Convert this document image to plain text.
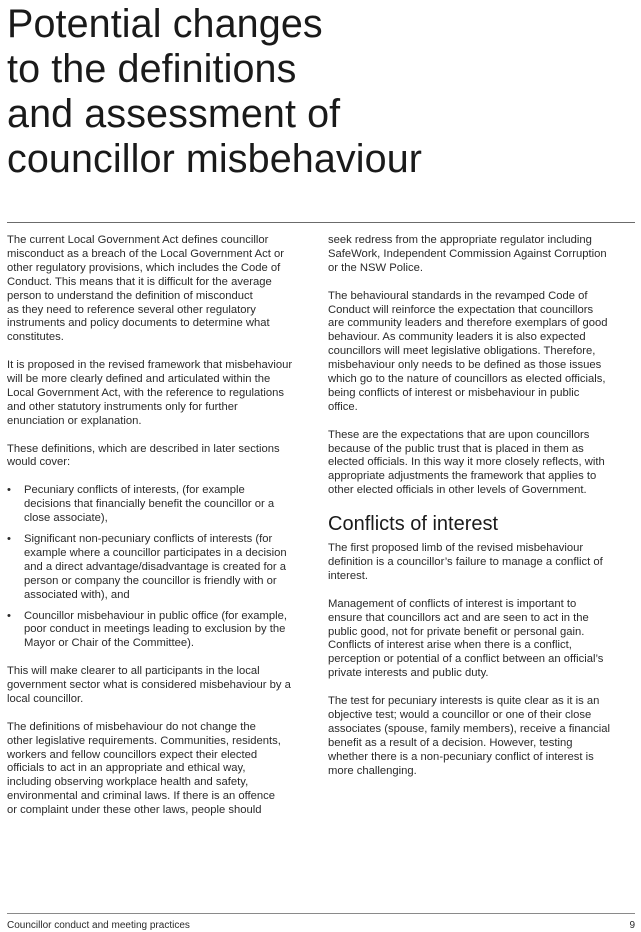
Potential changes
to the definitions
and assessment of
councillor misbehaviour

The current Local Government Act defines councillor
misconduct as a breach of the Local Government Act or
other regulatory provisions, which includes the Code of
Conduct. This means that it is difficult for the average
person to understand the definition of misconduct
as they need to reference several other regulatory
instruments and policy documents to determine what
constitutes.

It is proposed in the revised framework that misbehaviour
will be more clearly defined and articulated within the
Local Government Act, with the reference to regulations
and other statutory instruments only for further
enunciation or explanation.

These definitions, which are described in later sections
would cover:

• Pecuniary conflicts of interests, (for example
decisions that financially benefit the councillor or a
close associate),
• Significant non-pecuniary conflicts of interests (for
example where a councillor participates in a decision
and a direct advantage/disadvantage is created for a
person or company the councillor is friendly with or
associated with), and
• Councillor misbehaviour in public office (for example,
poor conduct in meetings leading to exclusion by the
Mayor or Chair of the Committee).

This will make clearer to all participants in the local
government sector what is considered misbehaviour by a
local councillor.

The definitions of misbehaviour do not change the
other legislative requirements. Communities, residents,
workers and fellow councillors expect their elected
officials to act in an appropriate and ethical way,
including observing workplace health and safety,
environmental and criminal laws. If there is an offence
or complaint under these other laws, people should

seek redress from the appropriate regulator including
SafeWork, Independent Commission Against Corruption
or the NSW Police.

The behavioural standards in the revamped Code of
Conduct will reinforce the expectation that councillors
are community leaders and therefore exemplars of good
behaviour. As community leaders it is also expected
councillors will meet legislative obligations. Therefore,
misbehaviour only needs to be defined as those issues
which go to the nature of councillors as elected officials,
being conflicts of interest or misbehaviour in public
office.

These are the expectations that are upon councillors
because of the public trust that is placed in them as
elected officials. In this way it more closely reflects, with
appropriate adjustments the framework that applies to
other elected officials in other levels of Government.

Conflicts of interest

The first proposed limb of the revised misbehaviour
definition is a councillor’s failure to manage a conflict of
interest.

Management of conflicts of interest is important to
ensure that councillors act and are seen to act in the
public good, not for private benefit or personal gain.
Conflicts of interest arise when there is a conflict,
perception or potential of a conflict between an official’s
private interests and public duty.

The test for pecuniary interests is quite clear as it is an
objective test; would a councillor or one of their close
associates (spouse, family members), receive a financial
benefit as a result of a decision. However, testing
whether there is a non-pecuniary conflict of interest is
more challenging.

Councillor conduct and meeting practices	9
